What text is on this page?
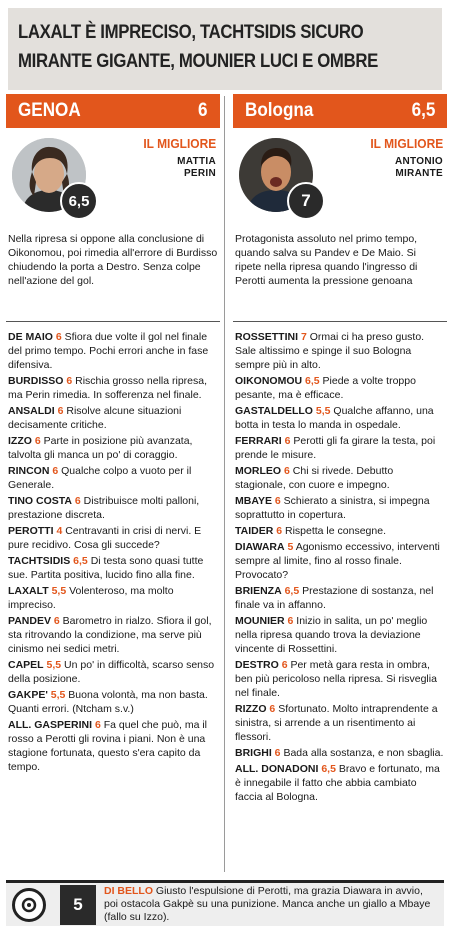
LAXALT È IMPRECISO, TACHTSIDIS SICURO
MIRANTE GIGANTE, MOUNIER LUCI E OMBRE
GENOA	6
6,5
IL MIGLIORE
MATTIA
PERIN
Nella ripresa si oppone alla conclusione di Oikonomou, poi rimedia all'errore di Burdisso chiudendo la porta a Destro. Senza colpe nell'azione del gol.
DE MAIO 6 Sfiora due volte il gol nel finale del primo tempo. Pochi errori anche in fase difensiva.
BURDISSO 6 Rischia grosso nella ripresa, ma Perin rimedia. In sofferenza nel finale.
ANSALDI 6 Risolve alcune situazioni decisamente critiche.
IZZO 6 Parte in posizione più avanzata, talvolta gli manca un po' di coraggio.
RINCON 6 Qualche colpo a vuoto per il Generale.
TINO COSTA 6 Distribuisce molti palloni, prestazione discreta.
PEROTTI 4 Centravanti in crisi di nervi. E pure recidivo. Cosa gli succede?
TACHTSIDIS 6,5 Di testa sono quasi tutte sue. Partita positiva, lucido fino alla fine.
LAXALT 5,5 Volenteroso, ma molto impreciso.
PANDEV 6 Barometro in rialzo. Sfiora il gol, sta ritrovando la condizione, ma serve più cinismo nei sedici metri.
CAPEL 5,5 Un po' in difficoltà, scarso senso della posizione.
GAKPE' 5,5 Buona volontà, ma non basta. Quanti errori. (Ntcham s.v.)
ALL. GASPERINI 6 Fa quel che può, ma il rosso a Perotti gli rovina i piani. Non è una stagione fortunata, questo s'era capito da tempo.
Bologna	6,5
7
IL MIGLIORE
ANTONIO
MIRANTE
Protagonista assoluto nel primo tempo, quando salva su Pandev e De Maio. Si ripete nella ripresa quando l'ingresso di Perotti aumenta la pressione genoana
ROSSETTINI 7 Ormai ci ha preso gusto. Sale altissimo e spinge il suo Bologna sempre più in alto.
OIKONOMOU 6,5 Piede a volte troppo pesante, ma è efficace.
GASTALDELLO 5,5 Qualche affanno, una botta in testa lo manda in ospedale.
FERRARI 6 Perotti gli fa girare la testa, poi prende le misure.
MORLEO 6 Chi si rivede. Debutto stagionale, con cuore e impegno.
MBAYE 6 Schierato a sinistra, si impegna soprattutto in copertura.
TAIDER 6 Rispetta le consegne.
DIAWARA 5 Agonismo eccessivo, interventi sempre al limite, fino al rosso finale. Provocato?
BRIENZA 6,5 Prestazione di sostanza, nel finale va in affanno.
MOUNIER 6 Inizio in salita, un po' meglio nella ripresa quando trova la deviazione vincente di Rossettini.
DESTRO 6 Per metà gara resta in ombra, ben più pericoloso nella ripresa. Si risveglia nel finale.
RIZZO 6 Sfortunato. Molto intraprendente a sinistra, si arrende a un risentimento ai flessori.
BRIGHI 6 Bada alla sostanza, e non sbaglia.
ALL. DONADONI 6,5 Bravo e fortunato, ma è innegabile il fatto che abbia cambiato faccia al Bologna.
5
DI BELLO Giusto l'espulsione di Perotti, ma grazia Diawara in avvio, poi ostacola Gakpè su una punizione. Manca anche un giallo a Mbaye (fallo su Izzo).
